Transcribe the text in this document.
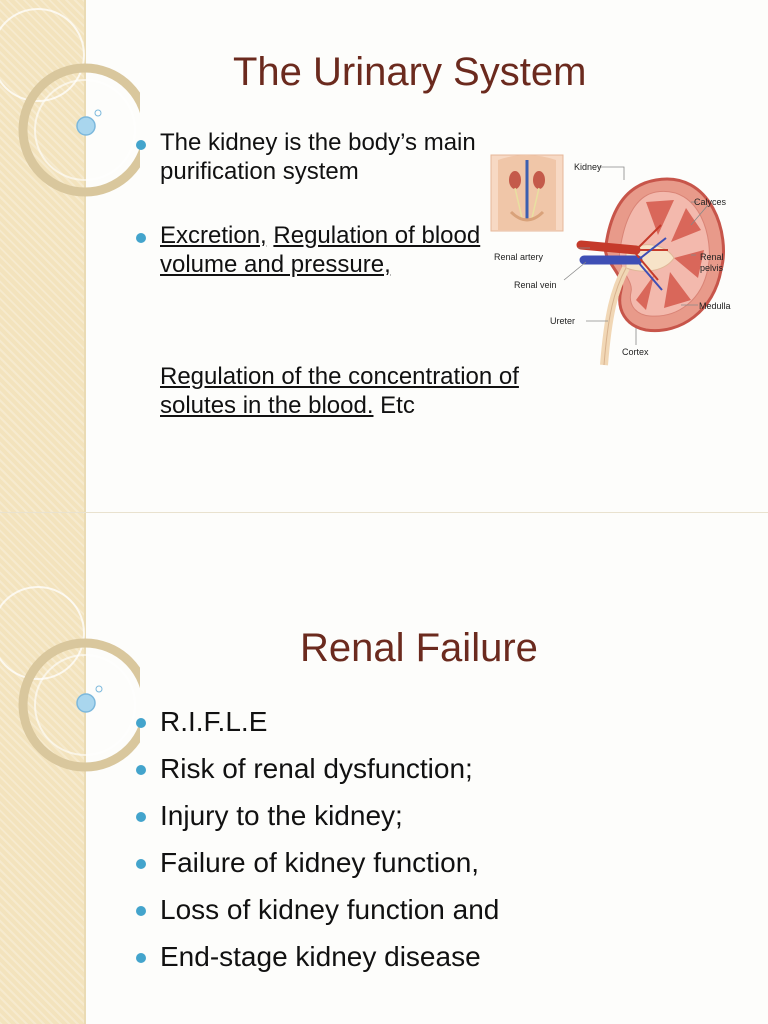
The Urinary System
The kidney is the body’s main purification system
Excretion, Regulation of blood volume and pressure,
Regulation of the concentration of solutes in the blood. Etc
Kidney
Calyces
Renal artery
Renal vein
Renal
pelvis
Medulla
Ureter
Cortex
Renal Failure
R.I.F.L.E
Risk of renal dysfunction;
Injury to the kidney;
Failure of kidney function,
Loss of kidney function and
End-stage kidney disease
